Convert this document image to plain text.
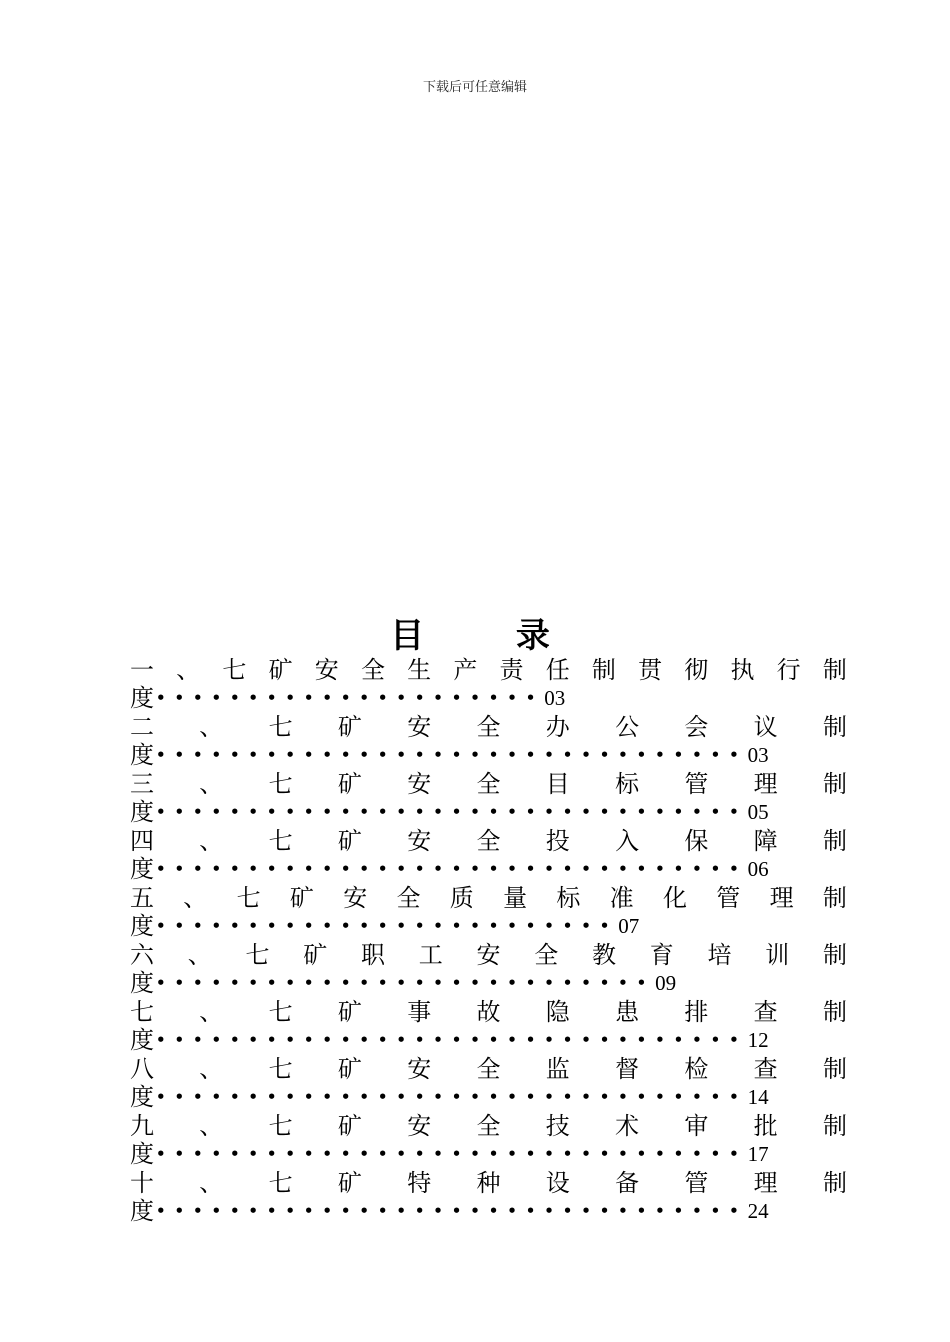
下载后可任意编辑
目 录
一 、 七 矿 安 全 生 产 责 任 制 贯 彻 执 行 制
度 ••••••••••••••••••••• 03
二 、 七 矿 安 全 办 公 会 议 制
度 •••••••••••••••••••••••••••••••• 03
三 、 七 矿 安 全 目 标 管 理 制
度 •••••••••••••••••••••••••••••••• 05
四 、 七 矿 安 全 投 入 保 障 制
度 •••••••••••••••••••••••••••••••• 06
五 、 七 矿 安 全 质 量 标 准 化 管 理 制
度 ••••••••••••••••••••••••• 07
六 、 七 矿 职 工 安 全 教 育 培 训 制
度 ••••••••••••••••••••••••••• 09
七 、 七 矿 事 故 隐 患 排 查 制
度 •••••••••••••••••••••••••••••••• 12
八 、 七 矿 安 全 监 督 检 查 制
度 •••••••••••••••••••••••••••••••• 14
九 、 七 矿 安 全 技 术 审 批 制
度 •••••••••••••••••••••••••••••••• 17
十 、 七 矿 特 种 设 备 管 理 制
度 •••••••••••••••••••••••••••••••• 24
